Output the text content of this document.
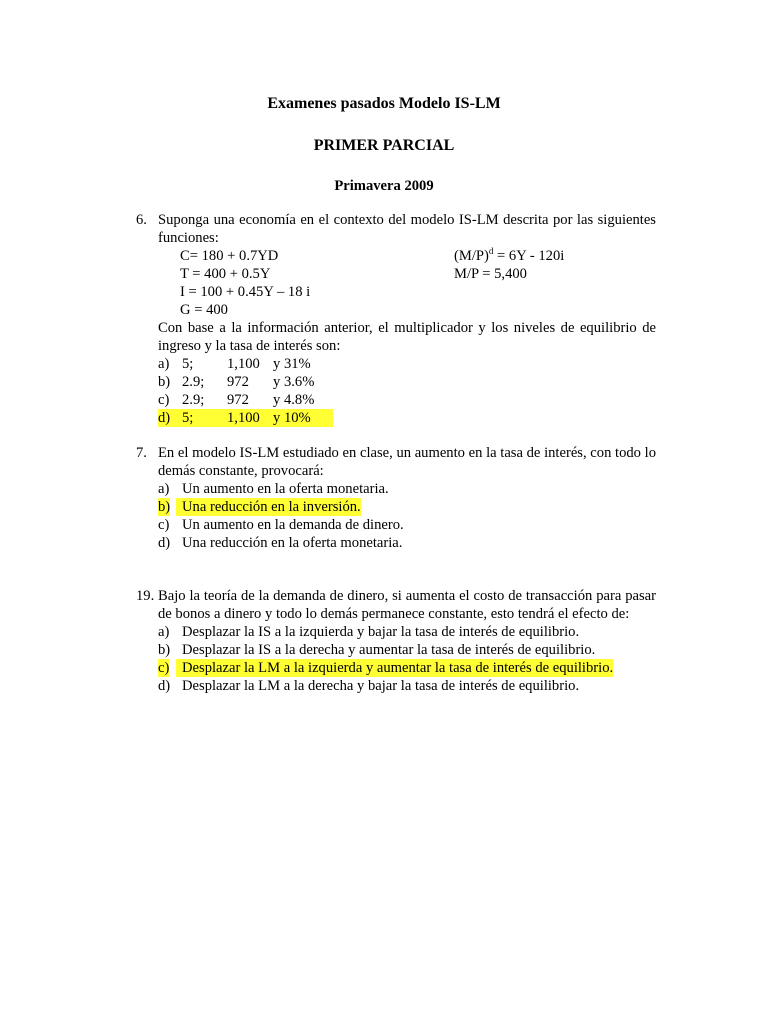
Examenes pasados Modelo IS-LM
PRIMER PARCIAL
Primavera 2009
6. Suponga una economía en el contexto del modelo IS-LM descrita por las siguientes funciones:

C= 180 + 0.7YD	$(M/P)^d = 6Y - 120i$
T = 400 + 0.5Y	M/P = 5,400
I = 100 + 0.45Y – 18 i
G = 400

Con base a la información anterior, el multiplicador y los niveles de equilibrio de ingreso y la tasa de interés son:

a) 5; 1,100 y 31%
b) 2.9; 972 y 3.6%
c) 2.9; 972 y 4.8%
d) 5; 1,100 y 10%
7. En el modelo IS-LM estudiado en clase, un aumento en la tasa de interés, con todo lo demás constante, provocará:

a) Un aumento en la oferta monetaria.
b) Una reducción en la inversión.
c) Un aumento en la demanda de dinero.
d) Una reducción en la oferta monetaria.
19. Bajo la teoría de la demanda de dinero, si aumenta el costo de transacción para pasar de bonos a dinero y todo lo demás permanece constante, esto tendrá el efecto de:

a) Desplazar la IS a la izquierda y bajar la tasa de interés de equilibrio.
b) Desplazar la IS a la derecha y aumentar la tasa de interés de equilibrio.
c) Desplazar la LM a la izquierda y aumentar la tasa de interés de equilibrio.
d) Desplazar la LM a la derecha y bajar la tasa de interés de equilibrio.
